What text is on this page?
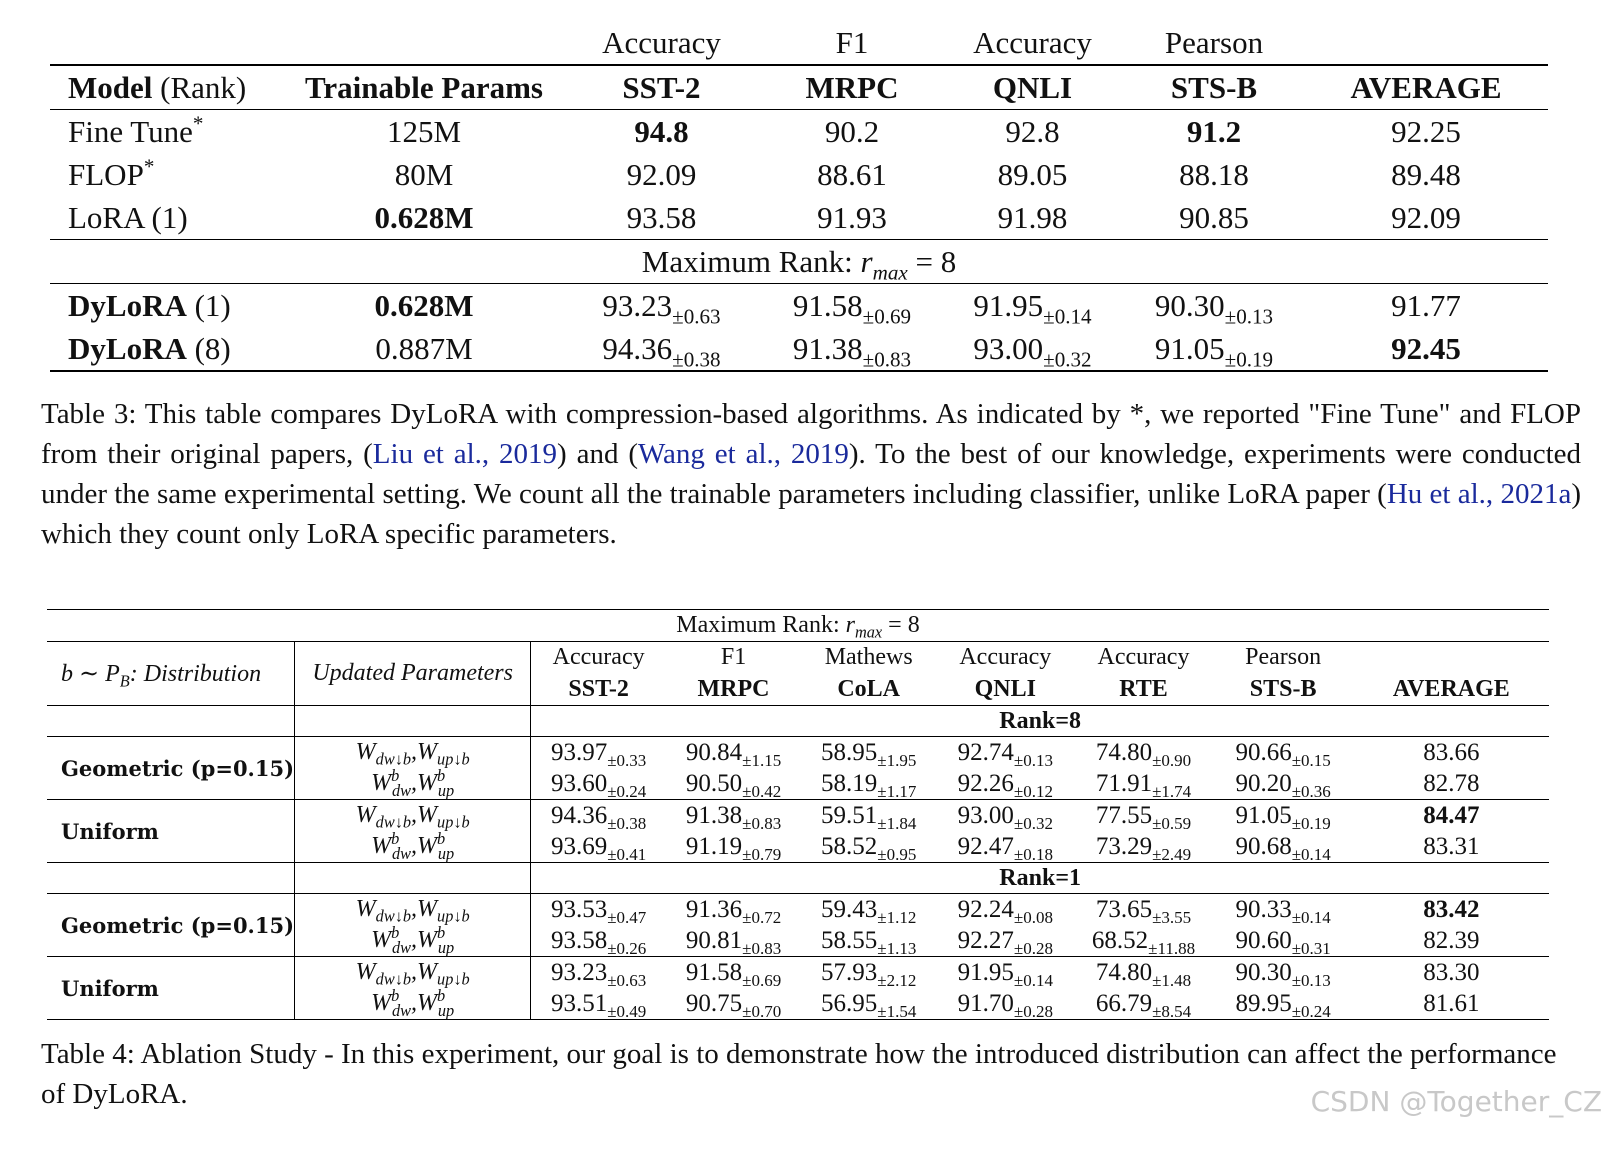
		Accuracy	F1	Accuracy	Pearson	
Model (Rank)	Trainable Params	SST-2	MRPC	QNLI	STS-B	AVERAGE
Fine Tune*	125M	94.8	90.2	92.8	91.2	92.25
FLOP*	80M	92.09	88.61	89.05	88.18	89.48
LoRA (1)	0.628M	93.58	91.93	91.98	90.85	92.09
Maximum Rank: $r_{max} = 8$						
DyLoRA (1)	0.628M	$93.23_{\pm 0.63}$	$91.58_{\pm 0.69}$	$91.95_{\pm 0.14}$	$90.30_{\pm 0.13}$	91.77
DyLoRA (8)	0.887M	$94.36_{\pm 0.38}$	$91.38_{\pm 0.83}$	$93.00_{\pm 0.32}$	$91.05_{\pm 0.19}$	92.45
Table 3: This table compares DyLoRA with compression-based algorithms. As indicated by *, we reported "Fine Tune" and FLOP from their original papers, (Liu et al., 2019) and (Wang et al., 2019). To the best of our knowledge, experiments were conducted under the same experimental setting. We count all the trainable parameters including classifier, unlike LoRA paper (Hu et al., 2021a) which they count only LoRA specific parameters.
Maximum Rank: $r_{max} = 8$								
b ∼ $P_B$: Distribution	Updated Parameters	Accuracy	F1	Mathews	Accuracy	Accuracy	Pearson	
		SST-2	MRPC	CoLA	QNLI	RTE	STS-B	AVERAGE
		Rank=8						
Geometric (p=0.15)	$W_{dw↓b},W_{up↓b}$	$93.97_{\pm 0.33}$	$90.84_{\pm 1.15}$	$58.95_{\pm 1.95}$	$92.74_{\pm 0.13}$	$74.80_{\pm 0.90}$	$90.66_{\pm 0.15}$	83.66
	$W^b_{dw},W^b_{up}$	$93.60_{\pm 0.24}$	$90.50_{\pm 0.42}$	$58.19_{\pm 1.17}$	$92.26_{\pm 0.12}$	$71.91_{\pm 1.74}$	$90.20_{\pm 0.36}$	82.78
Uniform	$W_{dw↓b},W_{up↓b}$	$94.36_{\pm 0.38}$	$91.38_{\pm 0.83}$	$59.51_{\pm 1.84}$	$93.00_{\pm 0.32}$	$77.55_{\pm 0.59}$	$91.05_{\pm 0.19}$	84.47
	$W^b_{dw},W^b_{up}$	$93.69_{\pm 0.41}$	$91.19_{\pm 0.79}$	$58.52_{\pm 0.95}$	$92.47_{\pm 0.18}$	$73.29_{\pm 2.49}$	$90.68_{\pm 0.14}$	83.31
		Rank=1						
Geometric (p=0.15)	$W_{dw↓b},W_{up↓b}$	$93.53_{\pm 0.47}$	$91.36_{\pm 0.72}$	$59.43_{\pm 1.12}$	$92.24_{\pm 0.08}$	$73.65_{\pm 3.55}$	$90.33_{\pm 0.14}$	83.42
	$W^b_{dw},W^b_{up}$	$93.58_{\pm 0.26}$	$90.81_{\pm 0.83}$	$58.55_{\pm 1.13}$	$92.27_{\pm 0.28}$	$68.52_{\pm 11.88}$	$90.60_{\pm 0.31}$	82.39
Uniform	$W_{dw↓b},W_{up↓b}$	$93.23_{\pm 0.63}$	$91.58_{\pm 0.69}$	$57.93_{\pm 2.12}$	$91.95_{\pm 0.14}$	$74.80_{\pm 1.48}$	$90.30_{\pm 0.13}$	83.30
	$W^b_{dw},W^b_{up}$	$93.51_{\pm 0.49}$	$90.75_{\pm 0.70}$	$56.95_{\pm 1.54}$	$91.70_{\pm 0.28}$	$66.79_{\pm 8.54}$	$89.95_{\pm 0.24}$	81.61
Table 4: Ablation Study - In this experiment, our goal is to demonstrate how the introduced distribution can affect the performance of DyLoRA.	CSDN @Together_CZ
